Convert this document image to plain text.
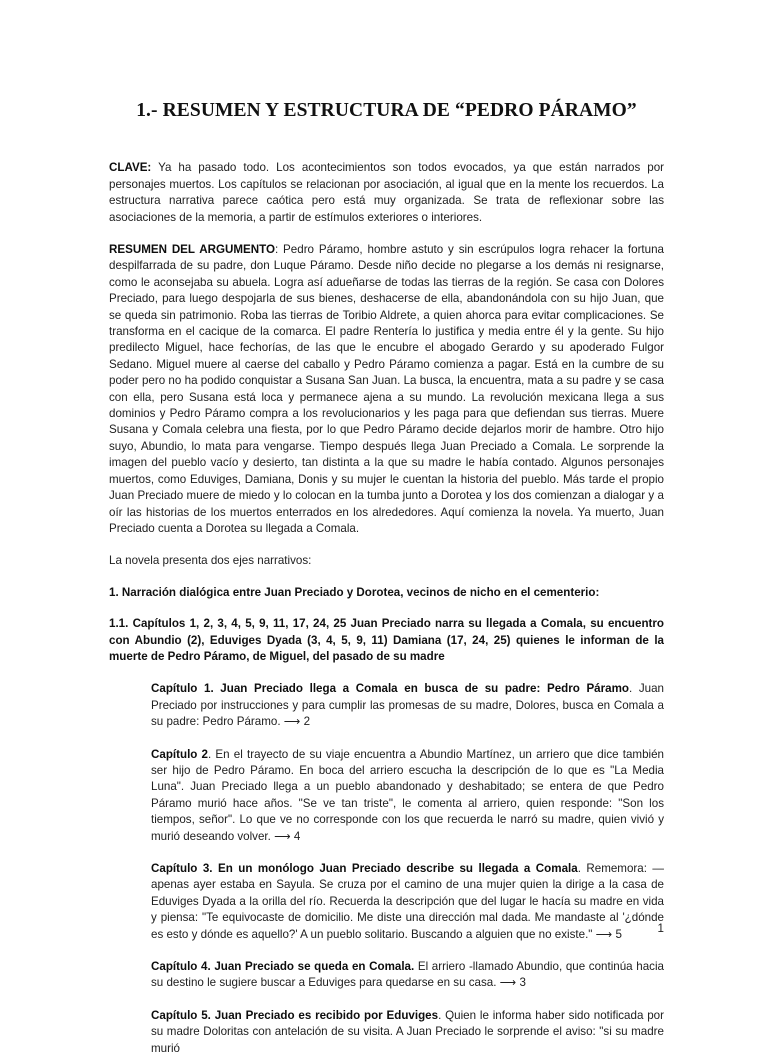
1.- RESUMEN Y ESTRUCTURA DE “PEDRO PÁRAMO”

CLAVE: Ya ha pasado todo. Los acontecimientos son todos evocados, ya que están narrados por personajes muertos. Los capítulos se relacionan por asociación, al igual que en la mente los recuerdos. La estructura narrativa parece caótica pero está muy organizada. Se trata de reflexionar sobre las asociaciones de la memoria, a partir de estímulos exteriores o interiores.

RESUMEN DEL ARGUMENTO: Pedro Páramo, hombre astuto y sin escrúpulos logra rehacer la fortuna despilfarrada de su padre, don Luque Páramo. Desde niño decide no plegarse a los demás ni resignarse, como le aconsejaba su abuela. Logra así adueñarse de todas las tierras de la región. Se casa con Dolores Preciado, para luego despojarla de sus bienes, deshacerse de ella, abandonándola con su hijo Juan, que se queda sin patrimonio. Roba las tierras de Toribio Aldrete, a quien ahorca para evitar complicaciones. Se transforma en el cacique de la comarca. El padre Rentería lo justifica y media entre él y la gente. Su hijo predilecto Miguel, hace fechorías, de las que le encubre el abogado Gerardo y su apoderado Fulgor Sedano. Miguel muere al caerse del caballo y Pedro Páramo comienza a pagar. Está en la cumbre de su poder pero no ha podido conquistar a Susana San Juan. La busca, la encuentra, mata a su padre y se casa con ella, pero Susana está loca y permanece ajena a su mundo. La revolución mexicana llega a sus dominios y Pedro Páramo compra a los revolucionarios y les paga para que defiendan sus tierras. Muere Susana y Comala celebra una fiesta, por lo que Pedro Páramo decide dejarlos morir de hambre. Otro hijo suyo, Abundio, lo mata para vengarse. Tiempo después llega Juan Preciado a Comala. Le sorprende la imagen del pueblo vacío y desierto, tan distinta a la que su madre le había contado. Algunos personajes muertos, como Eduviges, Damiana, Donis y su mujer le cuentan la historia del pueblo. Más tarde el propio Juan Preciado muere de miedo y lo colocan en la tumba junto a Dorotea y los dos comienzan a dialogar y a oír las historias de los muertos enterrados en los alrededores. Aquí comienza la novela. Ya muerto, Juan Preciado cuenta a Dorotea su llegada a Comala.

La novela presenta dos ejes narrativos:

1. Narración dialógica entre Juan Preciado y Dorotea, vecinos de nicho en el cementerio:

1.1. Capítulos 1, 2, 3, 4, 5, 9, 11, 17, 24, 25 Juan Preciado narra su llegada a Comala, su encuentro con Abundio (2), Eduviges Dyada (3, 4, 5, 9, 11) Damiana (17, 24, 25) quienes le informan de la muerte de Pedro Páramo, de Miguel, del pasado de su madre

Capítulo 1. Juan Preciado llega a Comala en busca de su padre: Pedro Páramo. Juan Preciado por instrucciones y para cumplir las promesas de su madre, Dolores, busca en Comala a su padre: Pedro Páramo. ⟶ 2

Capítulo 2. En el trayecto de su viaje encuentra a Abundio Martínez, un arriero que dice también ser hijo de Pedro Páramo. En boca del arriero escucha la descripción de lo que es "La Media Luna". Juan Preciado llega a un pueblo abandonado y deshabitado; se entera de que Pedro Páramo murió hace años. "Se ve tan triste", le comenta al arriero, quien responde: "Son los tiempos, señor". Lo que ve no corresponde con los que recuerda le narró su madre, quien vivió y murió deseando volver. ⟶ 4

Capítulo 3. En un monólogo Juan Preciado describe su llegada a Comala. Rememora: —apenas ayer estaba en Sayula. Se cruza por el camino de una mujer quien la dirige a la casa de Eduviges Dyada a la orilla del río. Recuerda la descripción que del lugar le hacía su madre en vida y piensa: "Te equivocaste de domicilio. Me diste una dirección mal dada. Me mandaste al '¿dónde es esto y dónde es aquello?' A un pueblo solitario. Buscando a alguien que no existe." ⟶ 5

Capítulo 4. Juan Preciado se queda en Comala. El arriero -llamado Abundio, que continúa hacia su destino le sugiere buscar a Eduviges para quedarse en su casa. ⟶ 3

Capítulo 5. Juan Preciado es recibido por Eduviges. Quien le informa haber sido notificada por su madre Doloritas con antelación de su visita. A Juan Preciado le sorprende el aviso: "si su madre murió

1
